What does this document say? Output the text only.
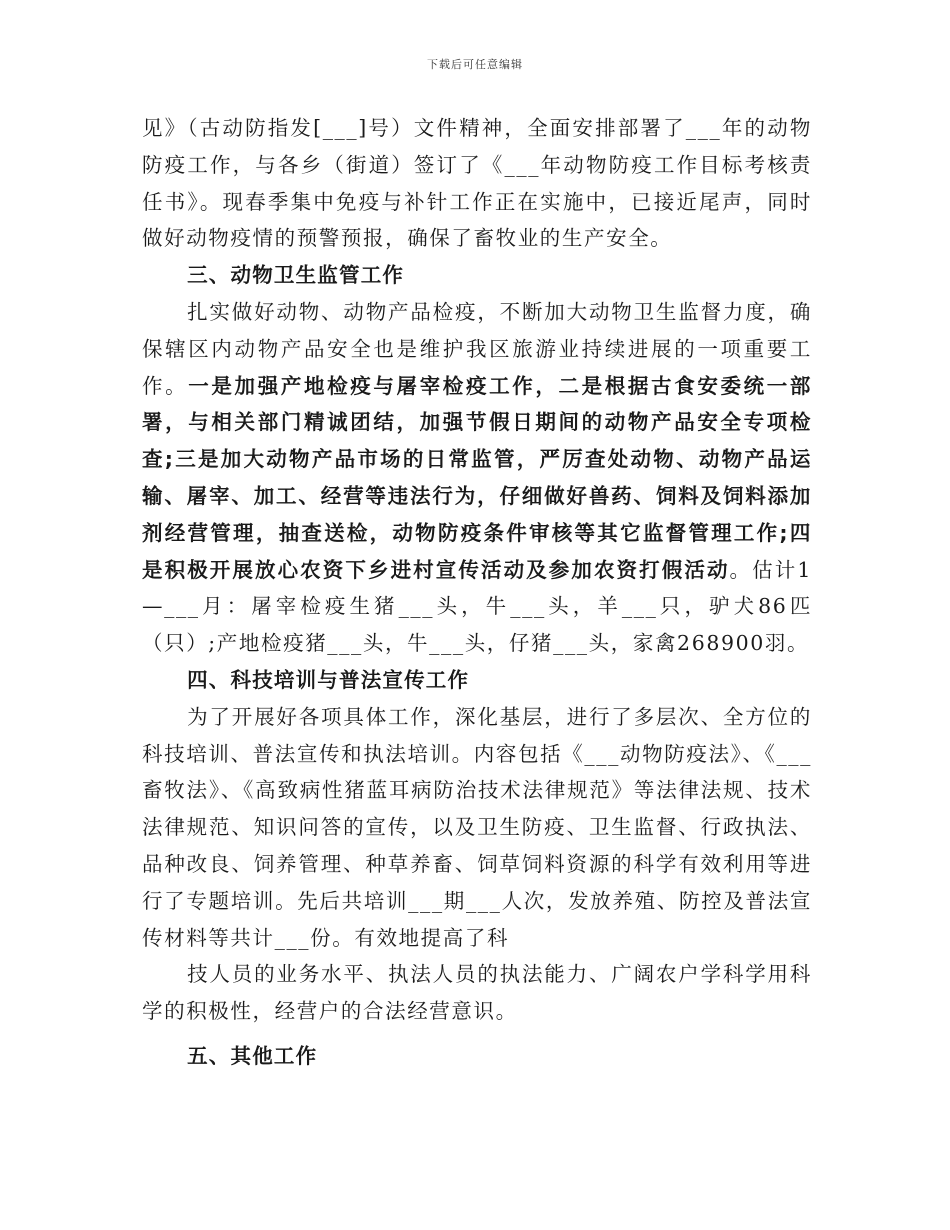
下载后可任意编辑

见》（古动防指发[___]号）文件精神，全面安排部署了___年的动物防疫工作，与各乡（街道）签订了《___年动物防疫工作目标考核责任书》。现春季集中免疫与补针工作正在实施中，已接近尾声，同时做好动物疫情的预警预报，确保了畜牧业的生产安全。

三、动物卫生监管工作

扎实做好动物、动物产品检疫，不断加大动物卫生监督力度，确保辖区内动物产品安全也是维护我区旅游业持续进展的一项重要工作。一是加强产地检疫与屠宰检疫工作，二是根据古食安委统一部署，与相关部门精诚团结，加强节假日期间的动物产品安全专项检查;三是加大动物产品市场的日常监管，严厉查处动物、动物产品运输、屠宰、加工、经营等违法行为，仔细做好兽药、饲料及饲料添加剂经营管理，抽查送检，动物防疫条件审核等其它监督管理工作;四是积极开展放心农资下乡进村宣传活动及参加农资打假活动。估计1—___月：屠宰检疫生猪___头，牛___头，羊___只，驴犬86匹（只）;产地检疫猪___头，牛___头，仔猪___头，家禽268900羽。

四、科技培训与普法宣传工作

为了开展好各项具体工作，深化基层，进行了多层次、全方位的科技培训、普法宣传和执法培训。内容包括《___动物防疫法》、《___畜牧法》、《高致病性猪蓝耳病防治技术法律规范》等法律法规、技术法律规范、知识问答的宣传，以及卫生防疫、卫生监督、行政执法、品种改良、饲养管理、种草养畜、饲草饲料资源的科学有效利用等进行了专题培训。先后共培训___期___人次，发放养殖、防控及普法宣传材料等共计___份。有效地提高了科

技人员的业务水平、执法人员的执法能力、广阔农户学科学用科学的积极性，经营户的合法经营意识。

五、其他工作
